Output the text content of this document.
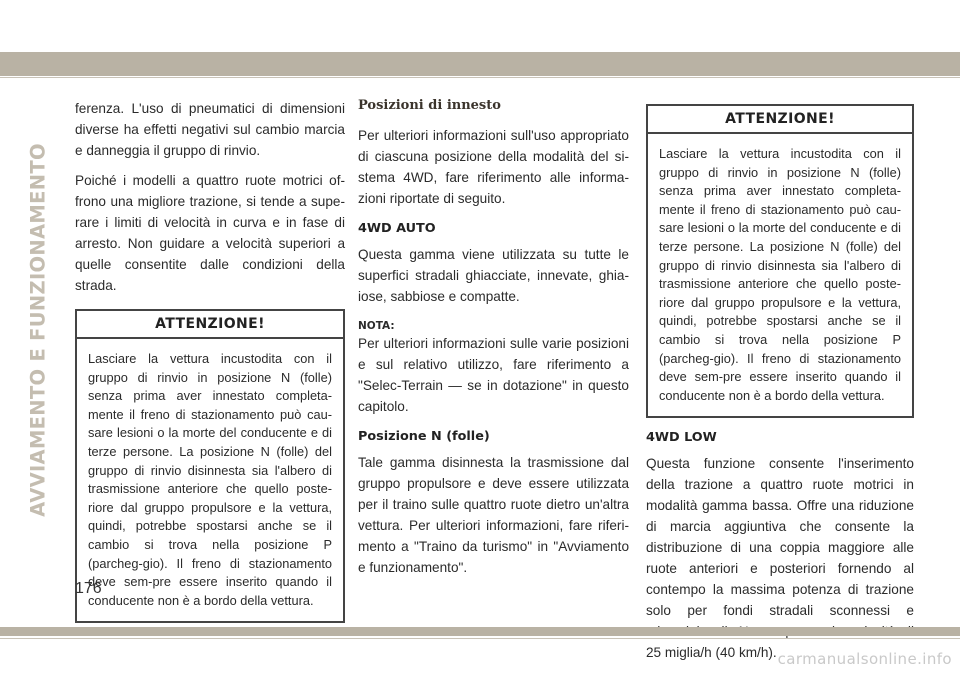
AVVIAMENTO E FUNZIONAMENTO

ferenza. L'uso di pneumatici di dimensioni diverse ha effetti negativi sul cambio marcia e danneggia il gruppo di rinvio.

Poiché i modelli a quattro ruote motrici of-frono una migliore trazione, si tende a supe-rare i limiti di velocità in curva e in fase di arresto. Non guidare a velocità superiori a quelle consentite dalle condizioni della strada.

ATTENZIONE!
Lasciare la vettura incustodita con il gruppo di rinvio in posizione N (folle) senza prima aver innestato completa-mente il freno di stazionamento può cau-sare lesioni o la morte del conducente e di terze persone. La posizione N (folle) del gruppo di rinvio disinnesta sia l'albero di trasmissione anteriore che quello poste-riore dal gruppo propulsore e la vettura, quindi, potrebbe spostarsi anche se il cambio si trova nella posizione P (parcheg-gio). Il freno di stazionamento deve sem-pre essere inserito quando il conducente non è a bordo della vettura.
Posizioni di innesto

Per ulteriori informazioni sull'uso appropriato di ciascuna posizione della modalità del si-stema 4WD, fare riferimento alle informa-zioni riportate di seguito.

4WD AUTO

Questa gamma viene utilizzata su tutte le superfici stradali ghiacciate, innevate, ghia-iose, sabbiose e compatte.

NOTA:

Per ulteriori informazioni sulle varie posizioni e sul relativo utilizzo, fare riferimento a "Selec-Terrain — se in dotazione" in questo capitolo.

Posizione N (folle)

Tale gamma disinnesta la trasmissione dal gruppo propulsore e deve essere utilizzata per il traino sulle quattro ruote dietro un'altra vettura. Per ulteriori informazioni, fare riferi-mento a "Traino da turismo" in "Avviamento e funzionamento".

ATTENZIONE!
Lasciare la vettura incustodita con il gruppo di rinvio in posizione N (folle) senza prima aver innestato completa-mente il freno di stazionamento può cau-sare lesioni o la morte del conducente e di terze persone. La posizione N (folle) del gruppo di rinvio disinnesta sia l'albero di trasmissione anteriore che quello poste-riore dal gruppo propulsore e la vettura, quindi, potrebbe spostarsi anche se il cambio si trova nella posizione P (parcheg-gio). Il freno di stazionamento deve sem-pre essere inserito quando il conducente non è a bordo della vettura.
4WD LOW

Questa funzione consente l'inserimento della trazione a quattro ruote motrici in modalità gamma bassa. Offre una riduzione di marcia aggiuntiva che consente la distribuzione di una coppia maggiore alle ruote anteriori e posteriori fornendo al contempo la massima potenza di trazione solo per fondi stradali sconnessi e 25 miglia/h (40 km/h).

176
carmanualsonline.info
